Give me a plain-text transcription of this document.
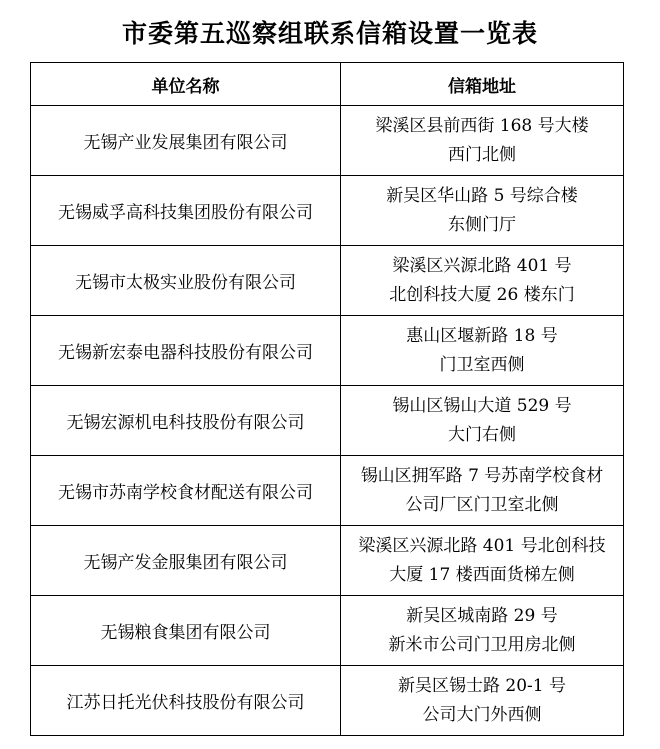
市委第五巡察组联系信箱设置一览表
单位名称	信箱地址
无锡产业发展集团有限公司	梁溪区县前西街 168 号大楼
西门北侧

无锡威孚高科技集团股份有限公司	新吴区华山路 5 号综合楼
东侧门厅

无锡市太极实业股份有限公司	梁溪区兴源北路 401 号
北创科技大厦 26 楼东门

无锡新宏泰电器科技股份有限公司	惠山区堰新路 18 号
门卫室西侧

无锡宏源机电科技股份有限公司	锡山区锡山大道 529 号
大门右侧

无锡市苏南学校食材配送有限公司	锡山区拥军路 7 号苏南学校食材
公司厂区门卫室北侧

无锡产发金服集团有限公司	梁溪区兴源北路 401 号北创科技
大厦 17 楼西面货梯左侧

无锡粮食集团有限公司	新吴区城南路 29 号
新米市公司门卫用房北侧

江苏日托光伏科技股份有限公司	新吴区锡士路 20-1 号
公司大门外西侧
